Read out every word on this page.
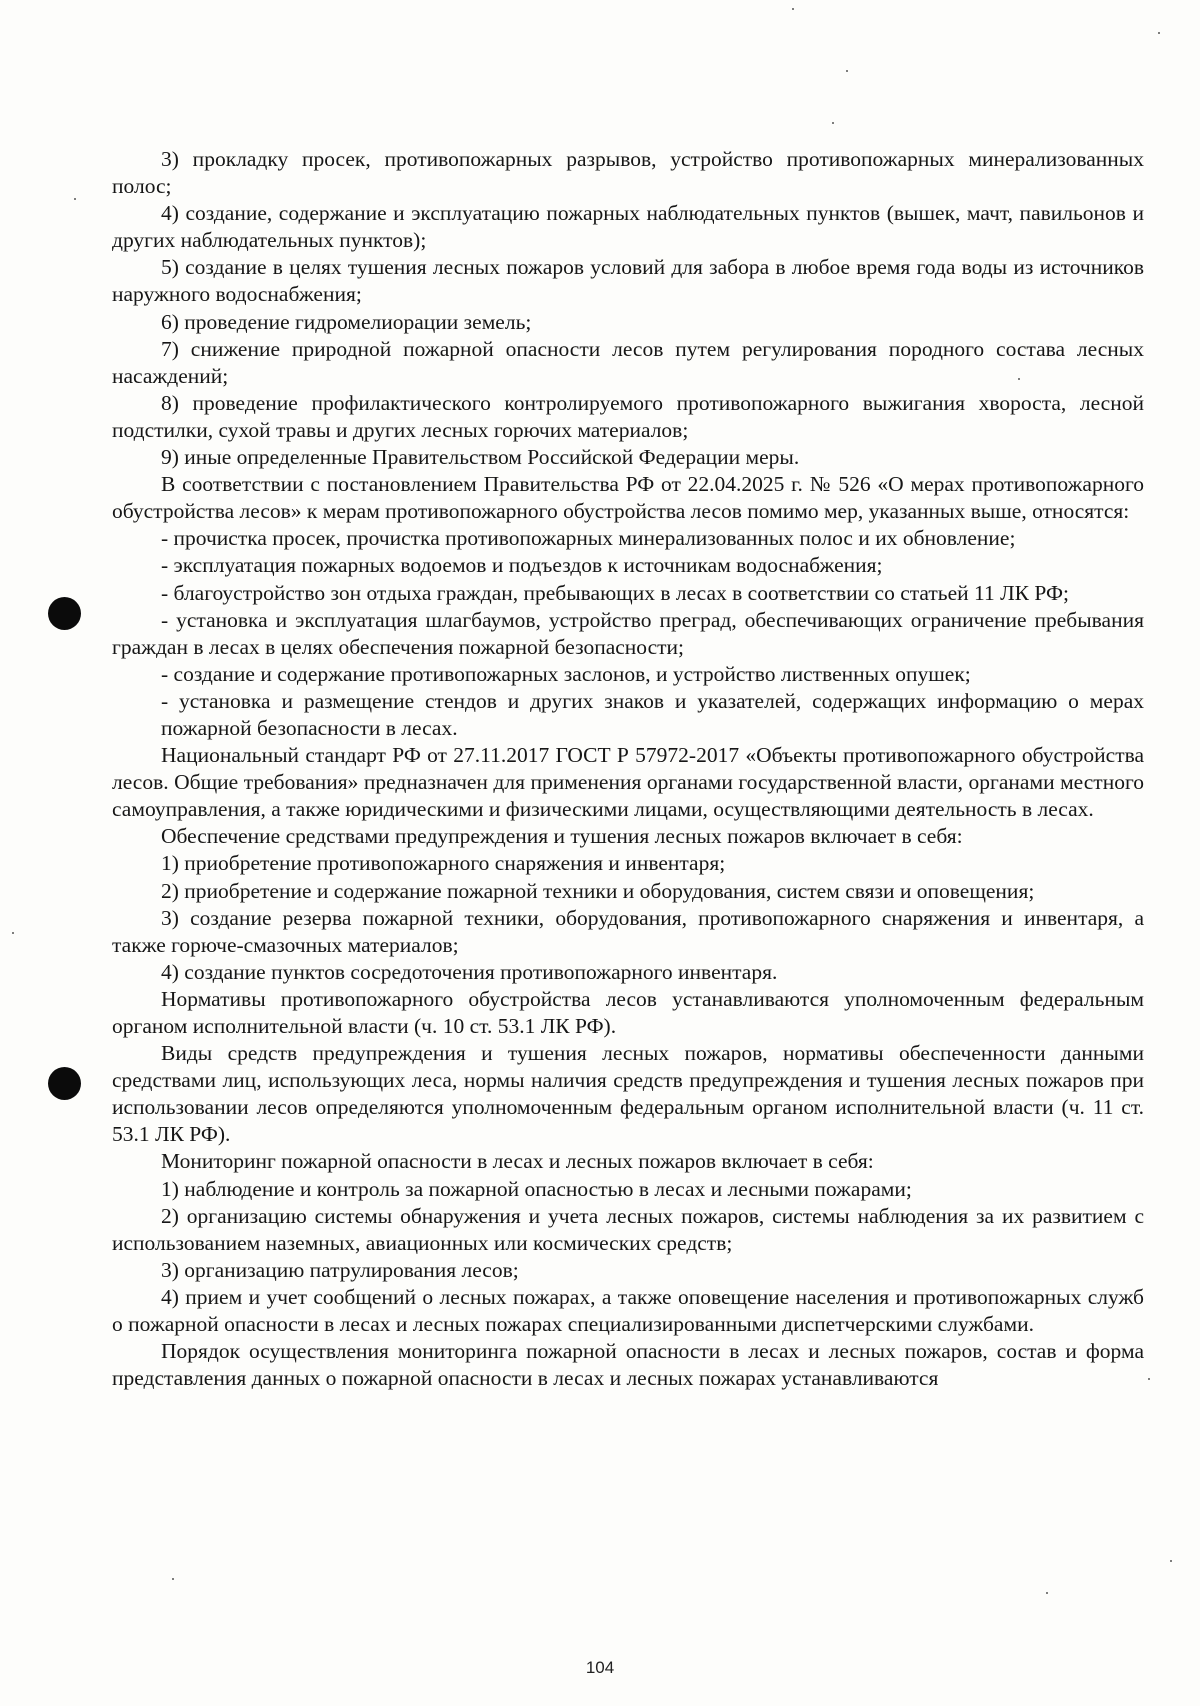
3) прокладку просек, противопожарных разрывов, устройство противопожарных минерализованных полос;

4) создание, содержание и эксплуатацию пожарных наблюдательных пунктов (вышек, мачт, павильонов и других наблюдательных пунктов);

5) создание в целях тушения лесных пожаров условий для забора в любое время года воды из источников наружного водоснабжения;

6) проведение гидромелиорации земель;

7) снижение природной пожарной опасности лесов путем регулирования породного состава лесных насаждений;

8) проведение профилактического контролируемого противопожарного выжигания хвороста, лесной подстилки, сухой травы и других лесных горючих материалов;

9) иные определенные Правительством Российской Федерации меры.

В соответствии с постановлением Правительства РФ от 22.04.2025 г. № 526 «О мерах противопожарного обустройства лесов» к мерам противопожарного обустройства лесов помимо мер, указанных выше, относятся:

- прочистка просек, прочистка противопожарных минерализованных полос и их обновление;

- эксплуатация пожарных водоемов и подъездов к источникам водоснабжения;

- благоустройство зон отдыха граждан, пребывающих в лесах в соответствии со статьей 11 ЛК РФ;

- установка и эксплуатация шлагбаумов, устройство преград, обеспечивающих ограничение пребывания граждан в лесах в целях обеспечения пожарной безопасности;

- создание и содержание противопожарных заслонов, и устройство лиственных опушек;

- установка и размещение стендов и других знаков и указателей, содержащих информацию о мерах пожарной безопасности в лесах.

Национальный стандарт РФ от 27.11.2017 ГОСТ Р 57972-2017 «Объекты противопожарного обустройства лесов. Общие требования» предназначен для применения органами государственной власти, органами местного самоуправления, а также юридическими и физическими лицами, осуществляющими деятельность в лесах.

Обеспечение средствами предупреждения и тушения лесных пожаров включает в себя:

1) приобретение противопожарного снаряжения и инвентаря;

2) приобретение и содержание пожарной техники и оборудования, систем связи и оповещения;

3) создание резерва пожарной техники, оборудования, противопожарного снаряжения и инвентаря, а также горюче-смазочных материалов;

4) создание пунктов сосредоточения противопожарного инвентаря.

Нормативы противопожарного обустройства лесов устанавливаются уполномоченным федеральным органом исполнительной власти (ч. 10 ст. 53.1 ЛК РФ).

Виды средств предупреждения и тушения лесных пожаров, нормативы обеспеченности данными средствами лиц, использующих леса, нормы наличия средств предупреждения и тушения лесных пожаров при использовании лесов определяются уполномоченным федеральным органом исполнительной власти (ч. 11 ст. 53.1 ЛК РФ).

Мониторинг пожарной опасности в лесах и лесных пожаров включает в себя:

1) наблюдение и контроль за пожарной опасностью в лесах и лесными пожарами;

2) организацию системы обнаружения и учета лесных пожаров, системы наблюдения за их развитием с использованием наземных, авиационных или космических средств;

3) организацию патрулирования лесов;

4) прием и учет сообщений о лесных пожарах, а также оповещение населения и противопожарных служб о пожарной опасности в лесах и лесных пожарах специализированными диспетчерскими службами.

Порядок осуществления мониторинга пожарной опасности в лесах и лесных пожаров, состав и форма представления данных о пожарной опасности в лесах и лесных пожарах устанавливаются

104
